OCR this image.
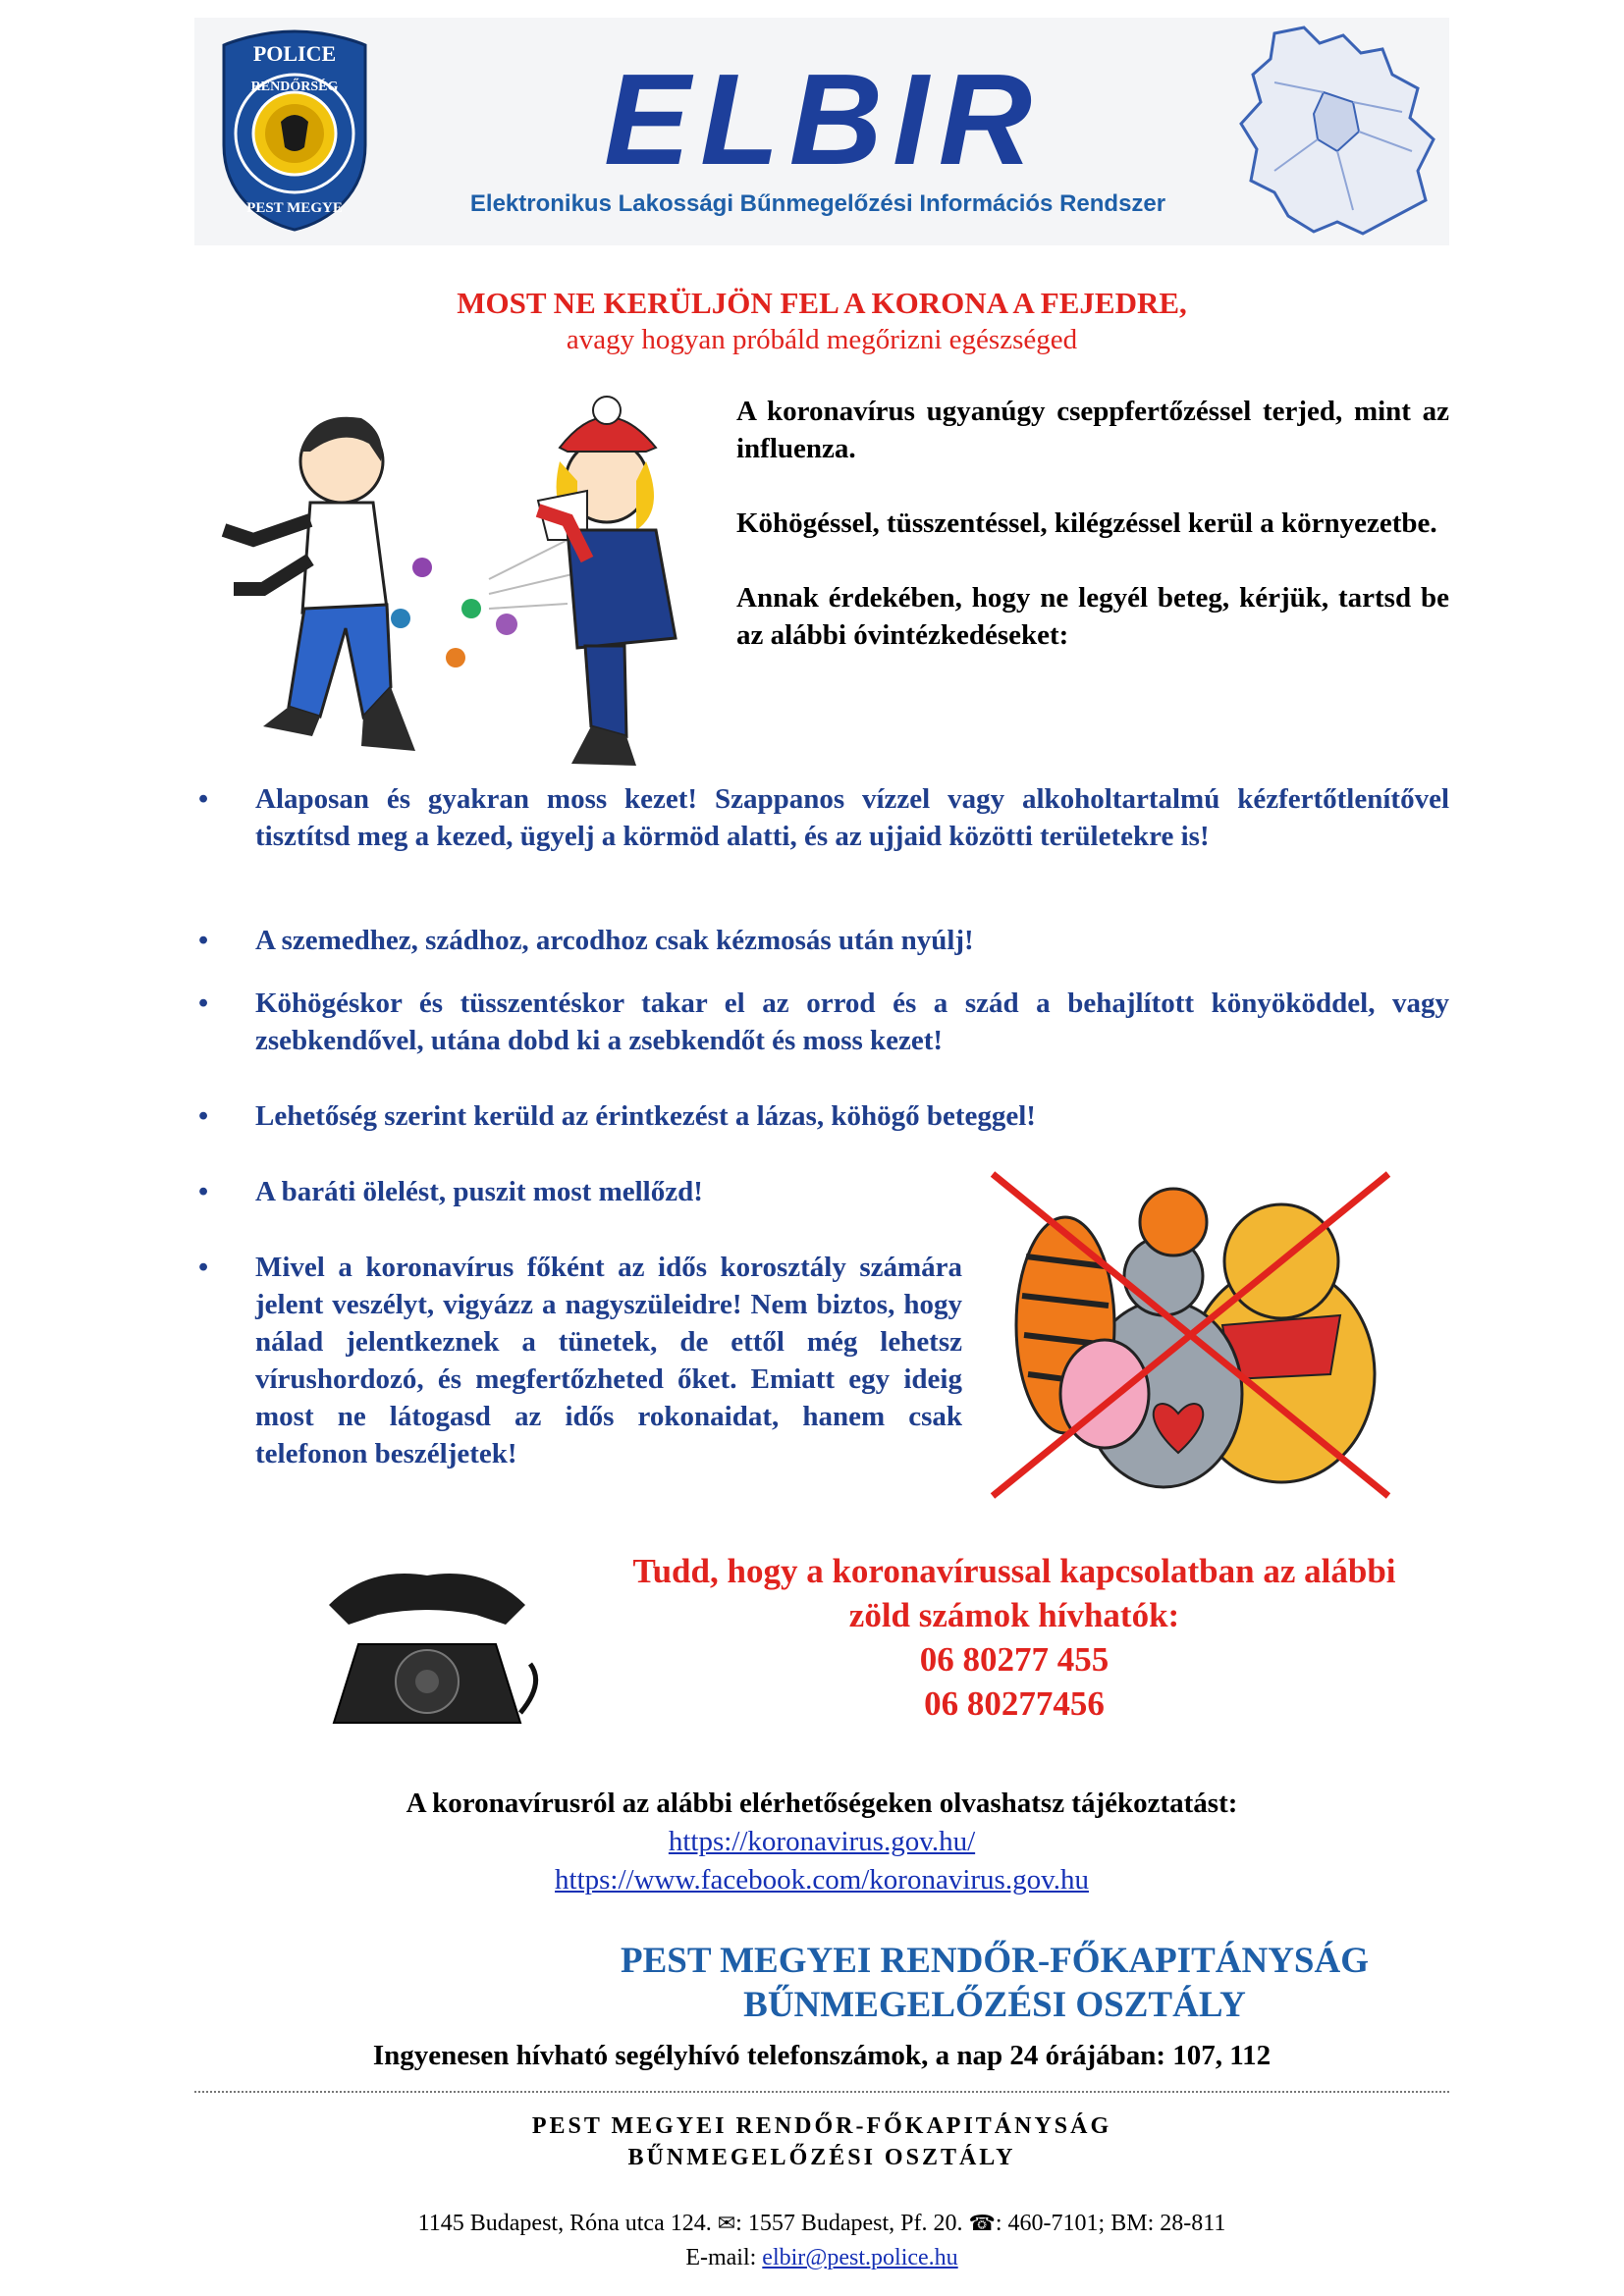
POLICE
PEST MEGYE
RENDŐRSÉG ELBIR
Elektronikus Lakossági Bűnmegelőzési Információs Rendszer
MOST NE KERÜLJÖN FEL A KORONA A FEJEDRE,
avagy hogyan próbáld megőrizni egészséged

A koronavírus ugyanúgy cseppfertőzéssel terjed, mint az influenza.

Köhögéssel, tüsszentéssel, kilégzéssel kerül a környezetbe.

Annak érdekében, hogy ne legyél beteg, kérjük, tartsd be az alábbi óvintézkedéseket:

• Alaposan és gyakran moss kezet! Szappanos vízzel vagy alkoholtartalmú kézfertőtlenítővel tisztítsd meg a kezed, ügyelj a körmöd alatti, és az ujjaid közötti területekre is!
• A szemedhez, szádhoz, arcodhoz csak kézmosás után nyúlj!
• Köhögéskor és tüsszentéskor takar el az orrod és a szád a behajlított könyököddel, vagy zsebkendővel, utána dobd ki a zsebkendőt és moss kezet!
• Lehetőség szerint kerüld az érintkezést a lázas, köhögő beteggel!
• A baráti ölelést, puszit most mellőzd!
• Mivel a koronavírus főként az idős korosztály számára jelent veszélyt, vigyázz a nagyszüleidre! Nem biztos, hogy nálad jelentkeznek a tünetek, de ettől még lehetsz vírushordozó, és megfertőzheted őket. Emiatt egy ideig most ne látogasd az idős rokonaidat, hanem csak telefonon beszéljetek!
Tudd, hogy a koronavírussal kapcsolatban az alábbi
zöld számok hívhatók:
06 80277 455
06 80277456
A koronavírusról az alábbi elérhetőségeken olvashatsz tájékoztatást:
https://koronavirus.gov.hu/
https://www.facebook.com/koronavirus.gov.hu
PEST MEGYEI RENDŐR-FŐKAPITÁNYSÁG
BŰNMEGELŐZÉSI OSZTÁLY
Ingyenesen hívható segélyhívó telefonszámok, a nap 24 órájában: 107, 112
PEST MEGYEI RENDŐR-FŐKAPITÁNYSÁG
BŰNMEGELŐZÉSI OSZTÁLY
1145 Budapest, Róna utca 124. ✉: 1557 Budapest, Pf. 20. ☎: 460-7101; BM: 28-811
E-mail: elbir@pest.police.hu
